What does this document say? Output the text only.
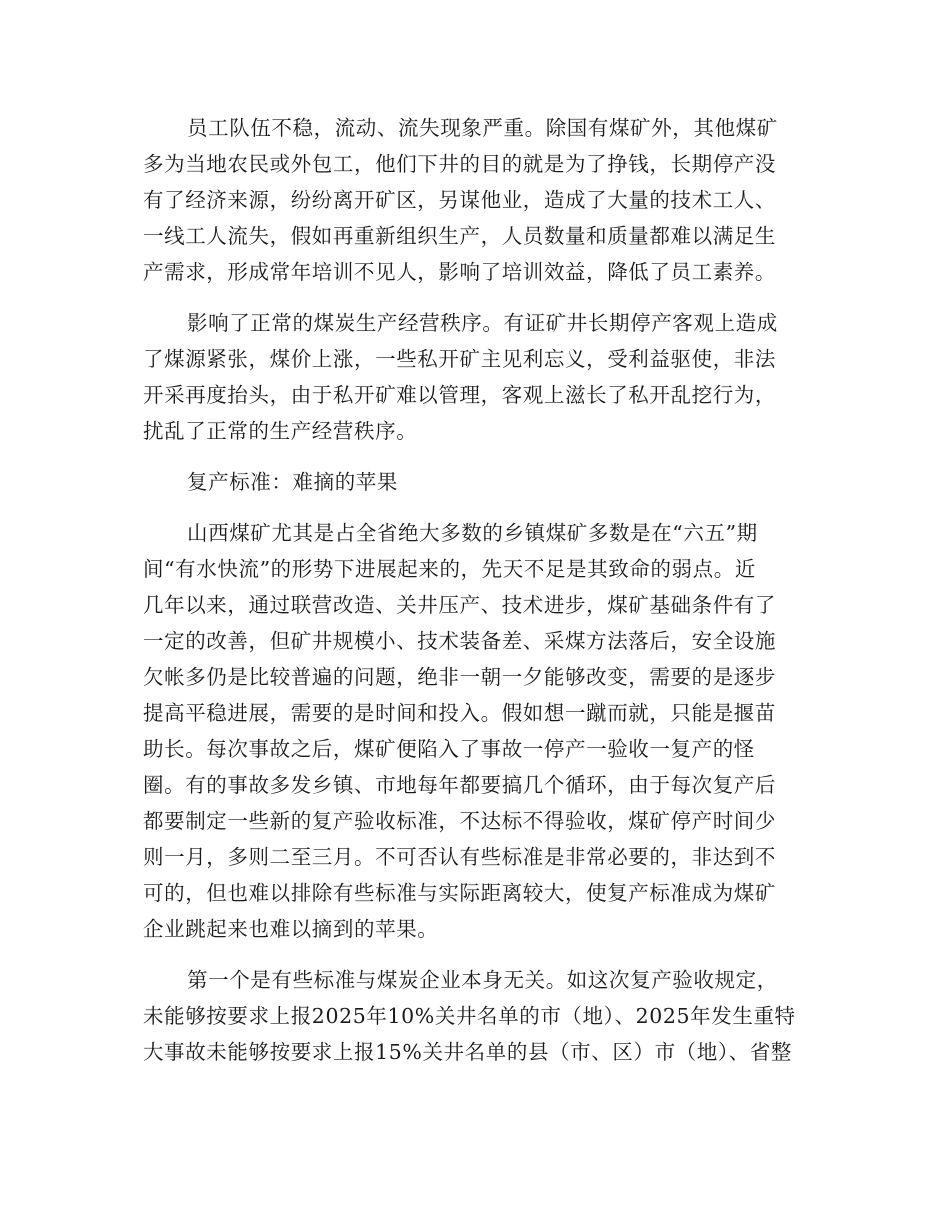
员工队伍不稳，流动、流失现象严重。除国有煤矿外，其他煤矿
多为当地农民或外包工，他们下井的目的就是为了挣钱，长期停产没
有了经济来源，纷纷离开矿区，另谋他业，造成了大量的技术工人、
一线工人流失，假如再重新组织生产，人员数量和质量都难以满足生
产需求，形成常年培训不见人，影响了培训效益，降低了员工素养。
影响了正常的煤炭生产经营秩序。有证矿井长期停产客观上造成
了煤源紧张，煤价上涨，一些私开矿主见利忘义，受利益驱使，非法
开采再度抬头，由于私开矿难以管理，客观上滋长了私开乱挖行为，
扰乱了正常的生产经营秩序。
复产标准：难摘的苹果
山西煤矿尤其是占全省绝大多数的乡镇煤矿多数是在“六五”期
间“有水快流”的形势下进展起来的，先天不足是其致命的弱点。近
几年以来，通过联营改造、关井压产、技术进步，煤矿基础条件有了
一定的改善，但矿井规模小、技术装备差、采煤方法落后，安全设施
欠帐多仍是比较普遍的问题，绝非一朝一夕能够改变，需要的是逐步
提高平稳进展，需要的是时间和投入。假如想一蹴而就，只能是揠苗
助长。每次事故之后，煤矿便陷入了事故一停产一验收一复产的怪
圈。有的事故多发乡镇、市地每年都要搞几个循环，由于每次复产后
都要制定一些新的复产验收标准，不达标不得验收，煤矿停产时间少
则一月，多则二至三月。不可否认有些标准是非常必要的，非达到不
可的，但也难以排除有些标准与实际距离较大，使复产标准成为煤矿
企业跳起来也难以摘到的苹果。
第一个是有些标准与煤炭企业本身无关。如这次复产验收规定，
未能够按要求上报2025年10%关井名单的市（地）、2025年发生重特
大事故未能够按要求上报15%关井名单的县（市、区）市（地）、省整
